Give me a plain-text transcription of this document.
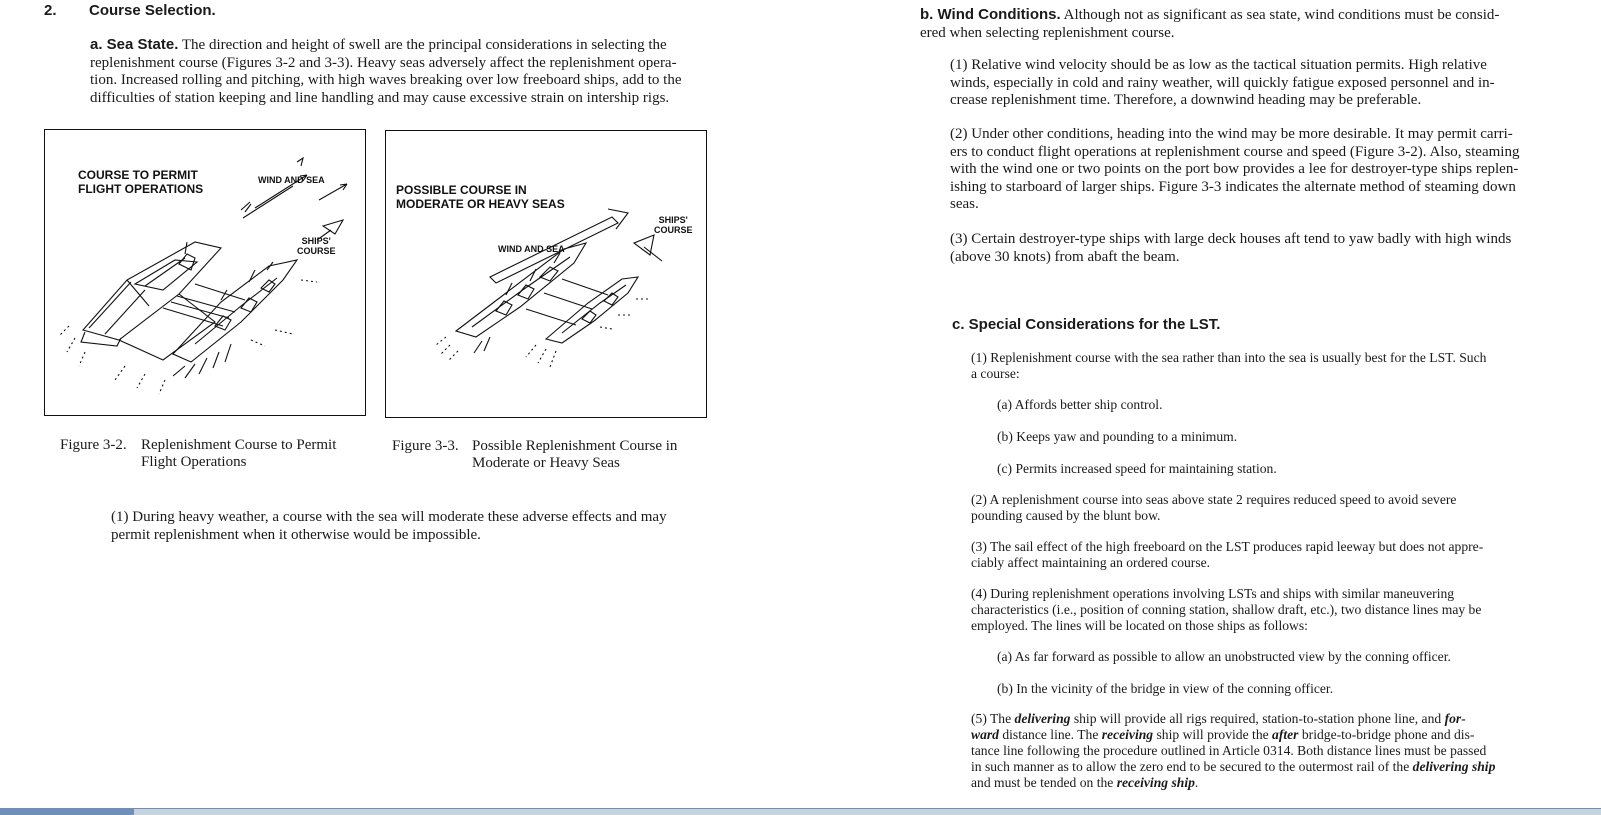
2. Course Selection.
a. Sea State. The direction and height of swell are the principal considerations in selecting the
replenishment course (Figures 3-2 and 3-3). Heavy seas adversely affect the replenishment opera-
tion. Increased rolling and pitching, with high waves breaking over low freeboard ships, add to the
difficulties of station keeping and line handling and may cause excessive strain on intership rigs.
COURSE TO PERMIT
FLIGHT OPERATIONS
WIND AND SEA
SHIPS'
COURSE
POSSIBLE COURSE IN
MODERATE OR HEAVY SEAS
WIND AND SEA
SHIPS'
COURSE
Figure 3-2. Replenishment Course to Permit
Flight Operations
Figure 3-3. Possible Replenishment Course in
Moderate or Heavy Seas
(1) During heavy weather, a course with the sea will moderate these adverse effects and may
permit replenishment when it otherwise would be impossible.
b. Wind Conditions. Although not as significant as sea state, wind conditions must be consid-
ered when selecting replenishment course.
(1) Relative wind velocity should be as low as the tactical situation permits. High relative
winds, especially in cold and rainy weather, will quickly fatigue exposed personnel and in-
crease replenishment time. Therefore, a downwind heading may be preferable.
(2) Under other conditions, heading into the wind may be more desirable. It may permit carri-
ers to conduct flight operations at replenishment course and speed (Figure 3-2). Also, steaming
with the wind one or two points on the port bow provides a lee for destroyer-type ships replen-
ishing to starboard of larger ships. Figure 3-3 indicates the alternate method of steaming down
seas.
(3) Certain destroyer-type ships with large deck houses aft tend to yaw badly with high winds
(above 30 knots) from abaft the beam.
c. Special Considerations for the LST.
(1) Replenishment course with the sea rather than into the sea is usually best for the LST. Such
a course:
(a) Affords better ship control.
(b) Keeps yaw and pounding to a minimum.
(c) Permits increased speed for maintaining station.
(2) A replenishment course into seas above state 2 requires reduced speed to avoid severe
pounding caused by the blunt bow.
(3) The sail effect of the high freeboard on the LST produces rapid leeway but does not appre-
ciably affect maintaining an ordered course.
(4) During replenishment operations involving LSTs and ships with similar maneuvering
characteristics (i.e., position of conning station, shallow draft, etc.), two distance lines may be
employed. The lines will be located on those ships as follows:
(a) As far forward as possible to allow an unobstructed view by the conning officer.
(b) In the vicinity of the bridge in view of the conning officer.
(5) The delivering ship will provide all rigs required, station-to-station phone line, and for-
ward distance line. The receiving ship will provide the after bridge-to-bridge phone and dis-
tance line following the procedure outlined in Article 0314. Both distance lines must be passed
in such manner as to allow the zero end to be secured to the outermost rail of the delivering ship
and must be tended on the receiving ship.
